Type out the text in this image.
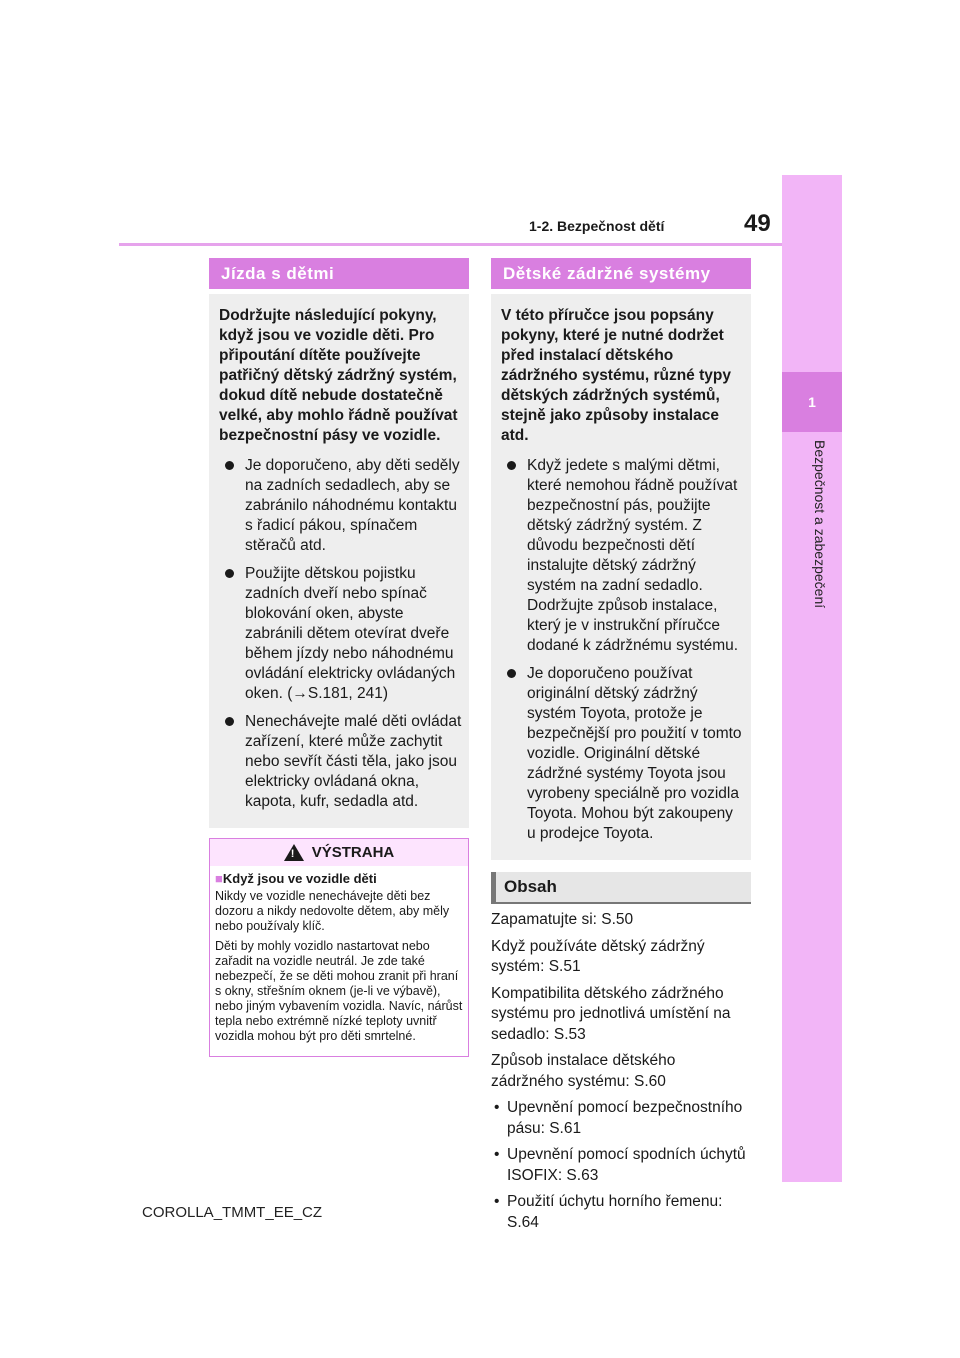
1-2. Bezpečnost dětí	49
1
Bezpečnost a zabezpečení
Jízda s dětmi

Dodržujte následující pokyny, když jsou ve vozidle děti. Pro připoutání dítěte používejte patřičný dětský zádržný systém, dokud dítě nebude dostatečně velké, aby mohlo řádně používat bezpečnostní pásy ve vozidle.

Je doporučeno, aby děti seděly na zadních sedadlech, aby se zabránilo náhodnému kontaktu s řadicí pákou, spínačem stěračů atd.

Použijte dětskou pojistku zadních dveří nebo spínač blokování oken, abyste zabránili dětem otevírat dveře během jízdy nebo náhodnému ovládání elektricky ovládaných oken. (→S.181, 241)

Nenechávejte malé děti ovládat zařízení, které může zachytit nebo sevřít části těla, jako jsou elektricky ovládaná okna, kapota, kufr, sedadla atd.

!
VÝSTRAHA

■Když jsou ve vozidle děti

Nikdy ve vozidle nenechávejte děti bez dozoru a nikdy nedovolte dětem, aby měly nebo používaly klíč.

Děti by mohly vozidlo nastartovat nebo zařadit na vozidle neutrál. Je zde také nebezpečí, že se děti mohou zranit při hraní s okny, střešním oknem (je-li ve výbavě), nebo jiným vybavením vozidla. Navíc, nárůst tepla nebo extrémně nízké teploty uvnitř vozidla mohou být pro děti smrtelné.

Dětské zádržné systémy

V této příručce jsou popsány pokyny, které je nutné dodržet před instalací dětského zádržného systému, různé typy dětských zádržných systémů, stejně jako způsoby instalace atd.

Když jedete s malými dětmi, které nemohou řádně používat bezpečnostní pás, použijte dětský zádržný systém. Z důvodu bezpečnosti dětí instalujte dětský zádržný systém na zadní sedadlo. Dodržujte způsob instalace, který je v instrukční příručce dodané k zádržnému systému.

Je doporučeno používat originální dětský zádržný systém Toyota, protože je bezpečnější pro použití v tomto vozidle. Originální dětské zádržné systémy Toyota jsou vyrobeny speciálně pro vozidla Toyota. Mohou být zakoupeny u prodejce Toyota.

Obsah

Zapamatujte si: S.50

Když používáte dětský zádržný systém: S.51

Kompatibilita dětského zádržného systému pro jednotlivá umístění na sedadlo: S.53

Způsob instalace dětského zádržného systému: S.60

• Upevnění pomocí bezpečnostního pásu: S.61

• Upevnění pomocí spodních úchytů ISOFIX: S.63

• Použití úchytu horního řemenu: S.64

COROLLA_TMMT_EE_CZ
